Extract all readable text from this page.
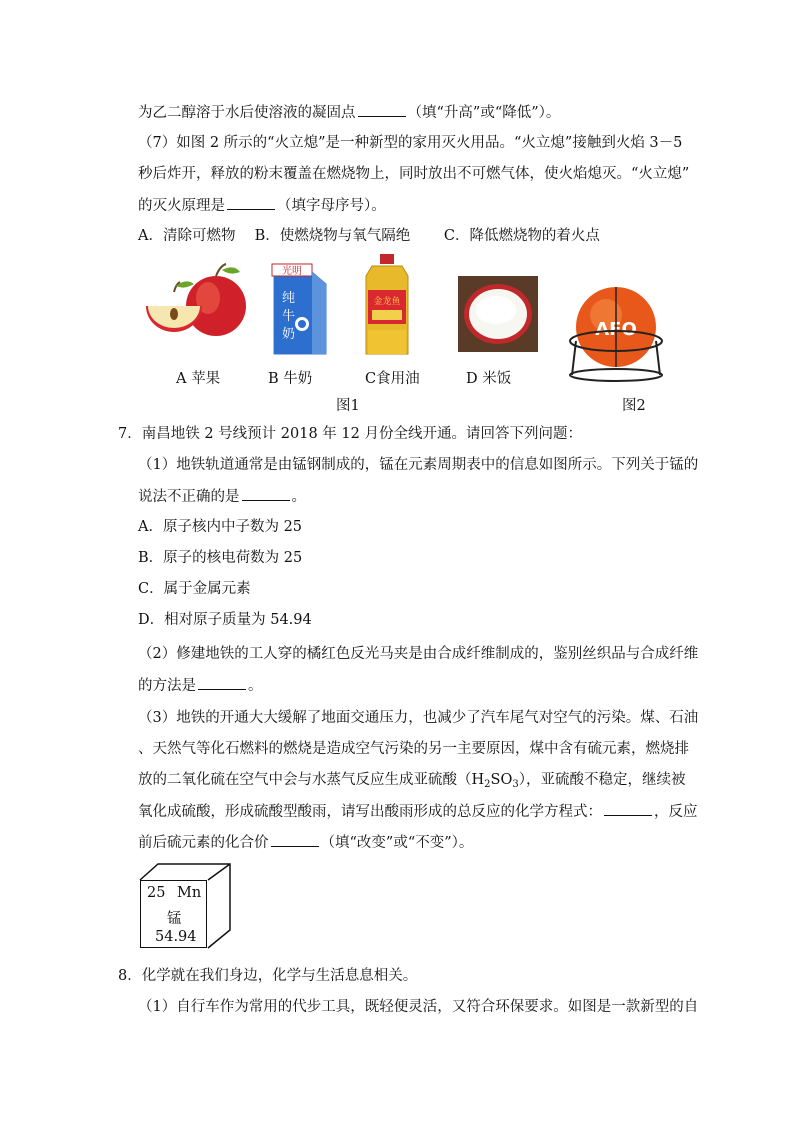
为乙二醇溶于水后使溶液的凝固点	（填“升高”或“降低”）。
（7）如图 2 所示的“火立熄”是一种新型的家用灭火用品。“火立熄”接触到火焰 3－5
秒后炸开，释放的粉末覆盖在燃烧物上，同时放出不可燃气体，使火焰熄灭。“火立熄”
的灭火原理是	（填字母序号）。
A．清除可燃物　 B．使燃烧物与氧气隔绝　　 C．降低燃烧物的着火点
光明
纯
牛
奶
金龙鱼
AFO
A 苹果	B 牛奶	C食用油	D 米饭
图1	图2
7．南昌地铁 2 号线预计 2018 年 12 月份全线开通。请回答下列问题：
（1）地铁轨道通常是由锰钢制成的，锰在元素周期表中的信息如图所示。下列关于锰的
说法不正确的是	。
A．原子核内中子数为 25
B．原子的核电荷数为 25
C．属于金属元素
D．相对原子质量为 54.94
（2）修建地铁的工人穿的橘红色反光马夹是由合成纤维制成的，鉴别丝织品与合成纤维
的方法是	。
（3）地铁的开通大大缓解了地面交通压力，也减少了汽车尾气对空气的污染。煤、石油
、天然气等化石燃料的燃烧是造成空气污染的另一主要原因，煤中含有硫元素，燃烧排
放的二氧化硫在空气中会与水蒸气反应生成亚硫酸$(H_2SO_3)$，亚硫酸不稳定，继续被
氧化成硫酸，形成硫酸型酸雨，请写出酸雨形成的总反应的化学方程式：	，反应
前后硫元素的化合价	（填“改变”或“不变”）。
25 Mn
锰
54.94
8．化学就在我们身边，化学与生活息息相关。
（1）自行车作为常用的代步工具，既轻便灵活，又符合环保要求。如图是一款新型的自
